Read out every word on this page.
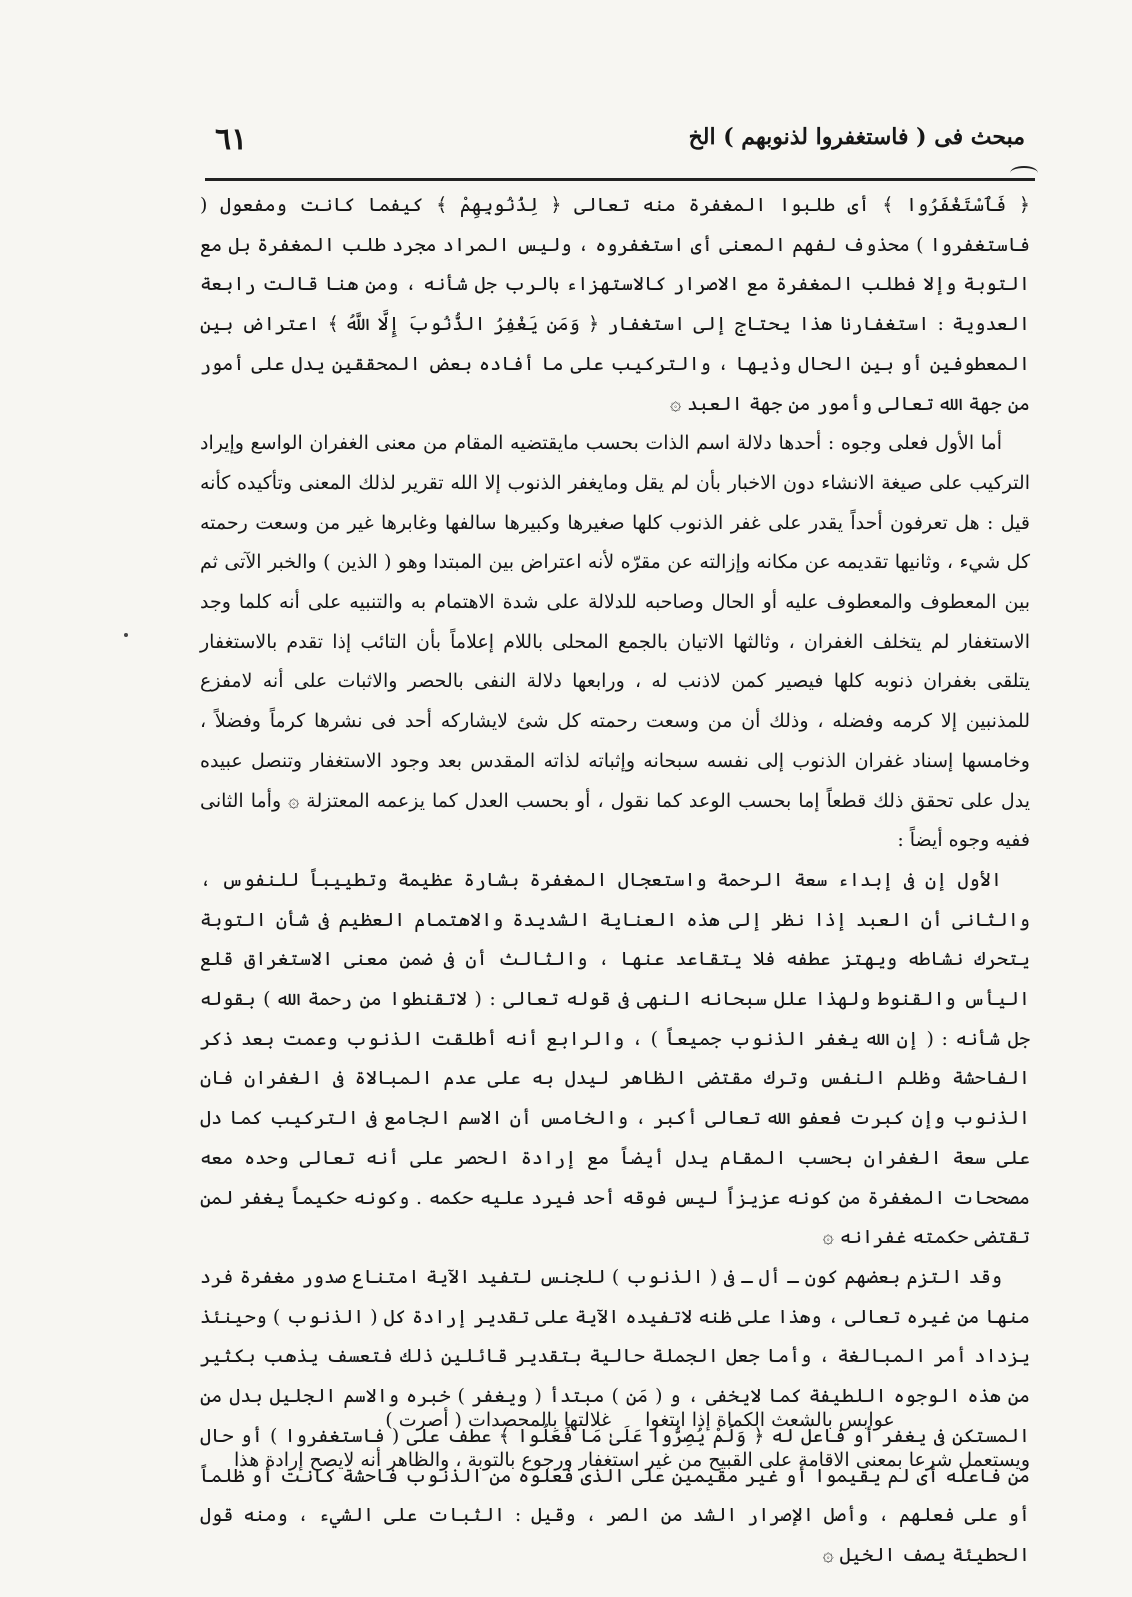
٦١	مبحث فى ( فاستغفروا لذنوبهم ) الخ

﴿ فَٱسْتَغْفَرُوا ﴾ أى طلبوا المغفرة منه تعالى ﴿ لِذُنُوبِهِمْ ﴾ كيفما كانت ومفعول ( فاستغفروا ) محذوف لفهم المعنى أى استغفروه ، وليس المراد مجرد طلب المغفرة بل مع التوبة وإلا فطلب المغفرة مع الاصرار كالاستهزاء بالرب جل شأنه ، ومن هنا قالت رابعة العدوية : استغفارنا هذا يحتاج إلى استغفار ﴿ وَمَن يَغْفِرُ الذُّنُوبَ إِلَّا اللَّهُ ﴾ اعتراض بين المعطوفين أو بين الحال وذيها ، والتركيب على ما أفاده بعض المحققين يدل على أمور من جهة الله تعالى وأمور من جهة العبد ۞

أما الأول فعلى وجوه : أحدها دلالة اسم الذات بحسب مايقتضيه المقام من معنى الغفران الواسع وإيراد التركيب على صيغة الانشاء دون الاخبار بأن لم يقل ومايغفر الذنوب إلا الله تقرير لذلك المعنى وتأكيده كأنه قيل : هل تعرفون أحداً يقدر على غفر الذنوب كلها صغيرها وكبيرها سالفها وغابرها غير من وسعت رحمته كل شيء ، وثانيها تقديمه عن مكانه وإزالته عن مقرّه لأنه اعتراض بين المبتدا وهو ( الذين ) والخبر الآتى ثم بين المعطوف والمعطوف عليه أو الحال وصاحبه للدلالة على شدة الاهتمام به والتنبيه على أنه كلما وجد الاستغفار لم يتخلف الغفران ، وثالثها الاتيان بالجمع المحلى باللام إعلاماً بأن التائب إذا تقدم بالاستغفار يتلقى بغفران ذنوبه كلها فيصير كمن لاذنب له ، ورابعها دلالة النفى بالحصر والاثبات على أنه لامفزع للمذنبين إلا كرمه وفضله ، وذلك أن من وسعت رحمته كل شئ لايشاركه أحد فى نشرها كرماً وفضلاً ، وخامسها إسناد غفران الذنوب إلى نفسه سبحانه وإثباته لذاته المقدس بعد وجود الاستغفار وتنصل عبيده يدل على تحقق ذلك قطعاً إما بحسب الوعد كما نقول ، أو بحسب العدل كما يزعمه المعتزلة ۞ وأما الثانى ففيه وجوه أيضاً :

الأول إن فى إبداء سعة الرحمة واستعجال المغفرة بشارة عظيمة وتطييباً للنفوس ، والثانى أن العبد إذا نظر إلى هذه العناية الشديدة والاهتمام العظيم فى شأن التوبة يتحرك نشاطه ويهتز عطفه فلا يتقاعد عنها ، والثالث أن فى ضمن معنى الاستغراق قلع اليأس والقنوط ولهذا علل سبحانه النهى فى قوله تعالى : ( لاتقنطوا من رحمة الله ) بقوله جل شأنه : ( إن الله يغفر الذنوب جميعاً ) ، والرابع أنه أطلقت الذنوب وعمت بعد ذكر الفاحشة وظلم النفس وترك مقتضى الظاهر ليدل به على عدم المبالاة فى الغفران فان الذنوب وإن كبرت فعفو الله تعالى أكبر ، والخامس أن الاسم الجامع فى التركيب كما دل على سعة الغفران بحسب المقام يدل أيضاً مع إرادة الحصر على أنه تعالى وحده معه مصححات المغفرة من كونه عزيزاً ليس فوقه أحد فيرد عليه حكمه . وكونه حكيماً يغفر لمن تقتضى حكمته غفرانه ۞

وقد التزم بعضهم كون ـ أل ـ فى ( الذنوب ) للجنس لتفيد الآية امتناع صدور مغفرة فرد منها من غيره تعالى ، وهذا على ظنه لاتفيده الآية على تقدير إرادة كل ( الذنوب ) وحينئذ يزداد أمر المبالغة ، وأما جعل الجملة حالية بتقدير قائلين ذلك فتعسف يذهب بكثير من هذه الوجوه اللطيفة كما لايخفى ، و ( مَن ) مبتدأ ( ويغفر ) خبره والاسم الجليل بدل من المستكن فى يغفر أو فاعل له ﴿ وَلَمْ يُصِرُّوا عَلَىٰ مَا فَعَلُوا ﴾ عطف على ( فاستغفروا ) أو حال من فاعله أى لم يقيموا أو غير مقيمين على الذى فعلوه من الذنوب فاحشة كانت أو ظلماً أو على فعلهم ، وأصل الإصرار الشد من الصر ، وقيل : الثبات على الشيء ، ومنه قول الحطيئة يصف الخيل ۞

عوابس بالشعث الكماة إذا ابتغوا غلالتها بالمحصدات ( أصرت )
ويستعمل شرعا بمعنى الاقامة على القبيح من غير استغفار ورجوع بالتوبة ، والظاهر أنه لايصح إرادة هذا
